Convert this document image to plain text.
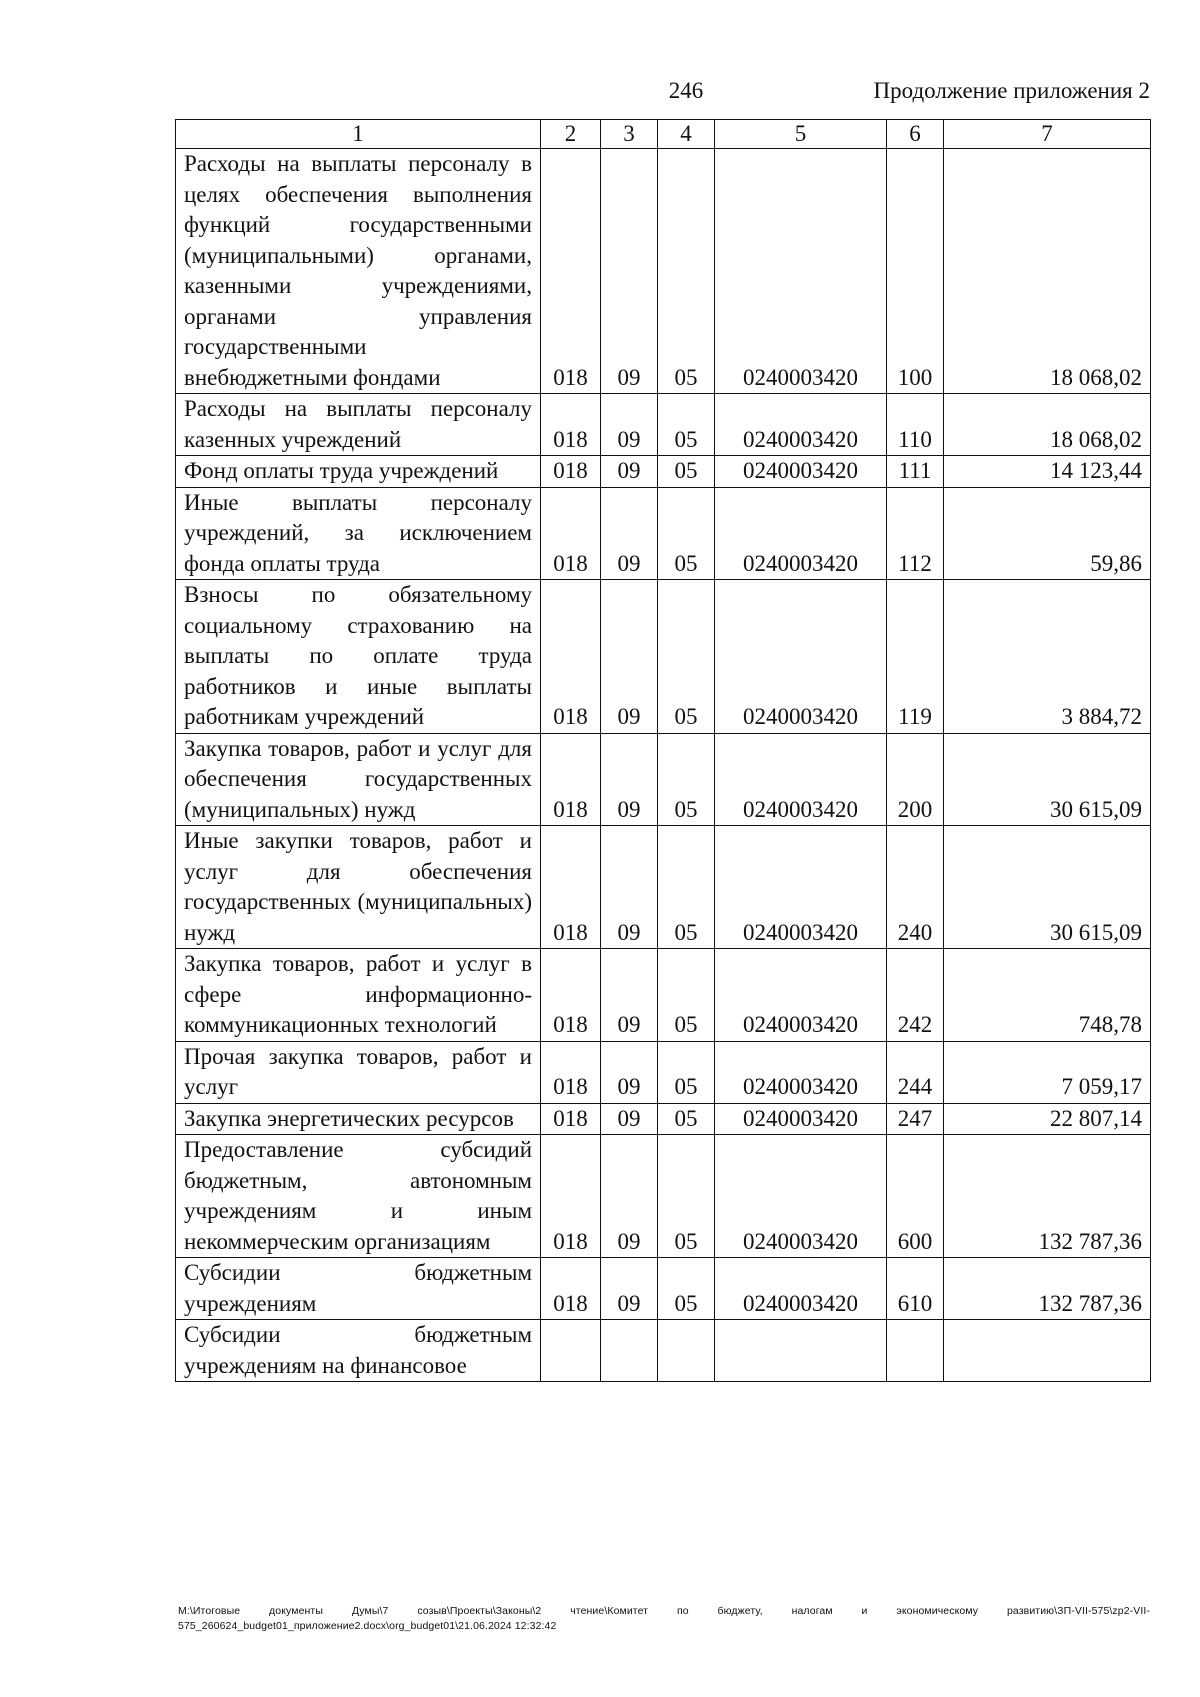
246	Продолжение приложения 2
1	2	3	4	5	6	7
Расходы на выплаты персоналу в целях обеспечения выполнения функций государственными (муниципальными) органами, казенными учреждениями, органами управления государственными внебюджетными фондами	018	09	05	0240003420	100	18 068,02
Расходы на выплаты персоналу казенных учреждений	018	09	05	0240003420	110	18 068,02
Фонд оплаты труда учреждений	018	09	05	0240003420	111	14 123,44
Иные выплаты персоналу учреждений, за исключением фонда оплаты труда	018	09	05	0240003420	112	59,86
Взносы по обязательному социальному страхованию на выплаты по оплате труда работников и иные выплаты работникам учреждений	018	09	05	0240003420	119	3 884,72
Закупка товаров, работ и услуг для обеспечения государственных (муниципальных) нужд	018	09	05	0240003420	200	30 615,09
Иные закупки товаров, работ и услуг для обеспечения государственных (муниципальных) нужд	018	09	05	0240003420	240	30 615,09
Закупка товаров, работ и услуг в сфере информационно-коммуникационных технологий	018	09	05	0240003420	242	748,78
Прочая закупка товаров, работ и услуг	018	09	05	0240003420	244	7 059,17
Закупка энергетических ресурсов	018	09	05	0240003420	247	22 807,14
Предоставление субсидий бюджетным, автономным учреждениям и иным некоммерческим организациям	018	09	05	0240003420	600	132 787,36
Субсидии бюджетным учреждениям	018	09	05	0240003420	610	132 787,36
Субсидии бюджетным учреждениям на финансовое						
M:\Итоговые документы Думы\7 созыв\Проекты\Законы\2 чтение\Комитет по бюджету, налогам и экономическому развитию\ЗП-VII-575\zp2-VII-575_260624_budget01_приложение2.docx\org_budget01\21.06.2024 12:32:42
